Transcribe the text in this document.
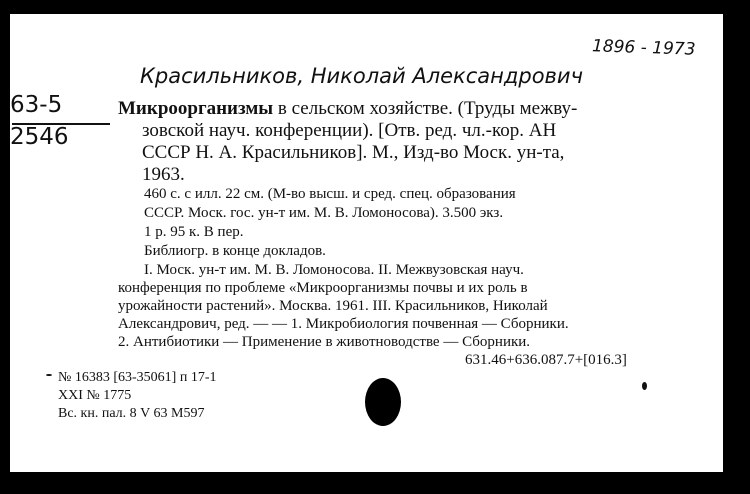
1896 - 1973
Красильников, Николай Александрович
63-5
2546
Микроорганизмы в сельском хозяйстве. (Труды межву-
зовской науч. конференции). [Отв. ред. чл.-кор. АН
СССР Н. А. Красильников]. М., Изд-во Моск. ун-та,
1963.
460 с. с илл. 22 см. (М-во высш. и сред. спец. образования
СССР. Моск. гос. ун-т им. М. В. Ломоносова). 3.500 экз.
1 р. 95 к. В пер.
Библиогр. в конце докладов.
I. Моск. ун-т им. М. В. Ломоносова. II. Межвузовская науч.
конференция по проблеме «Микроорганизмы почвы и их роль в
урожайности растений». Москва. 1961. III. Красильников, Николай
Александрович, ред. — — 1. Микробиология почвенная — Сборники.
2. Антибиотики — Применение в животноводстве — Сборники.
631.46+636.087.7+[016.3]
№ 16383 [63-35061] п 17-1
XXI № 1775
Вс. кн. пал. 8 V 63 M597
